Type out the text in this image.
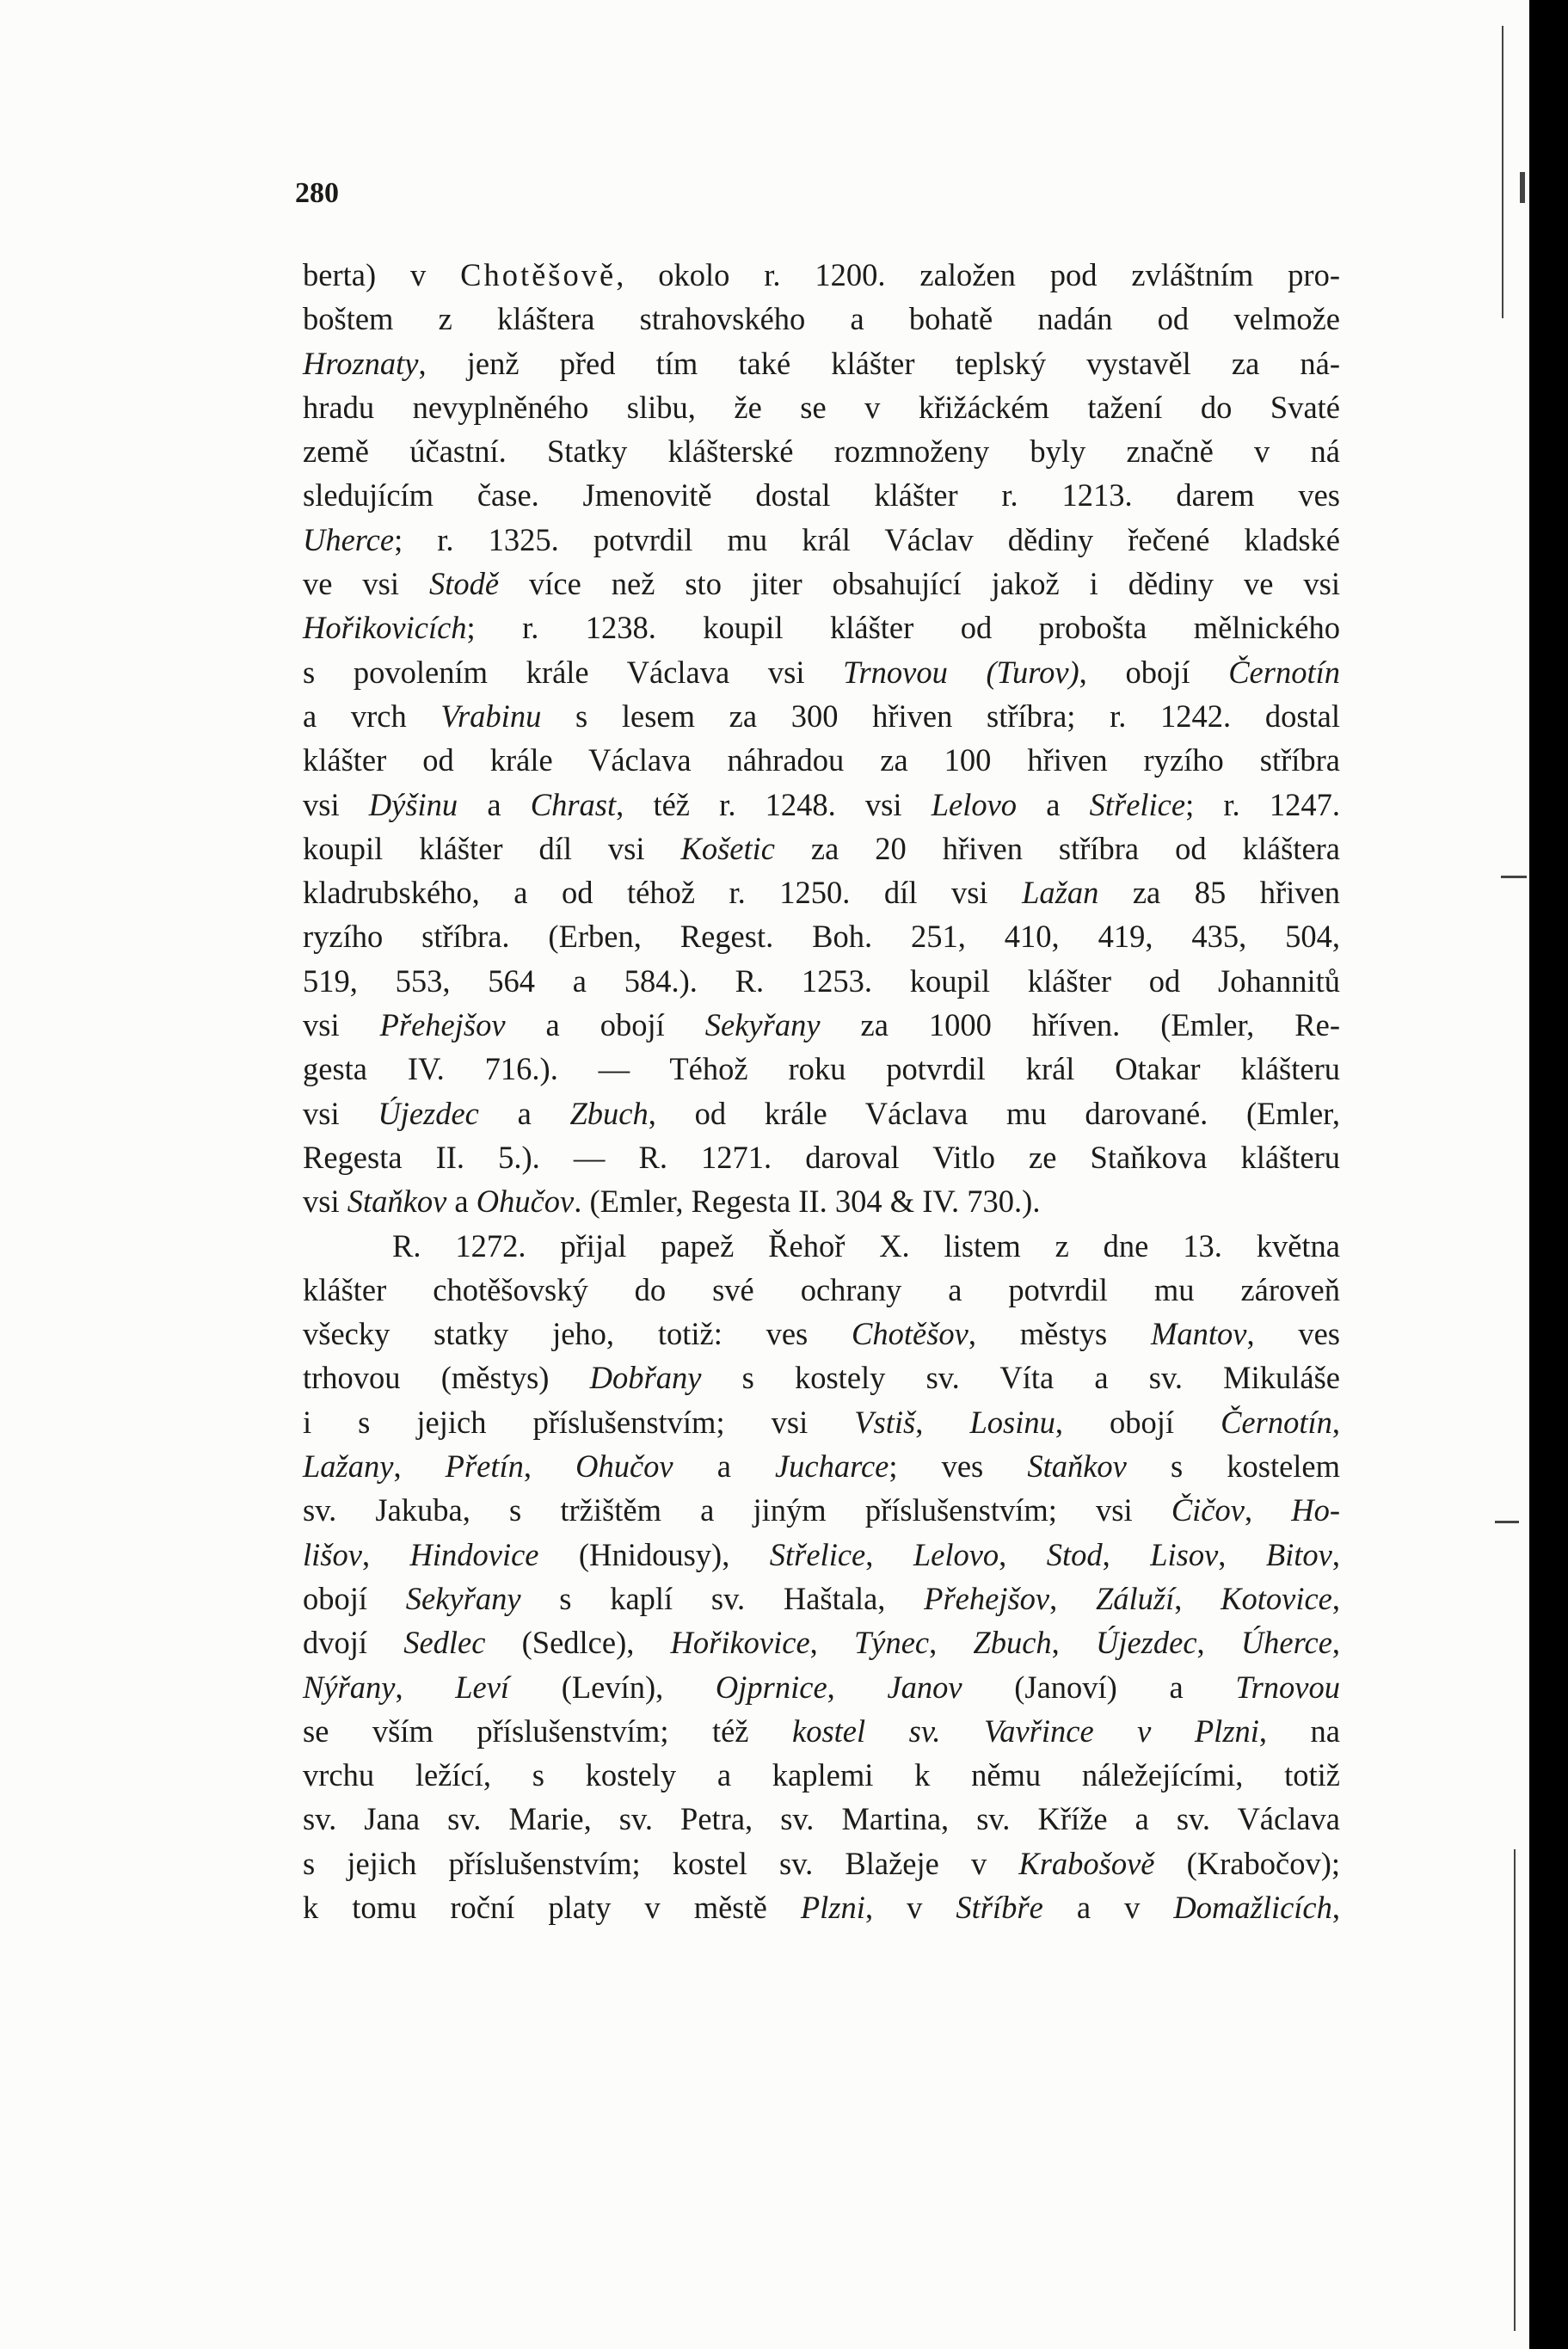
280

berta) v Chotěšově, okolo r. 1200. založen pod zvláštním pro-
boštem z kláštera strahovského a bohatě nadán od velmože
Hroznaty, jenž před tím také klášter teplský vystavěl za ná-
hradu nevyplněného slibu, že se v křižáckém tažení do Svaté
země účastní. Statky klášterské rozmnoženy byly značně v ná
sledujícím čase. Jmenovitě dostal klášter r. 1213. darem ves
Uherce; r. 1325. potvrdil mu král Václav dědiny řečené kladské
ve vsi Stodě více než sto jiter obsahující jakož i dědiny ve vsi
Hořikovicích; r. 1238. koupil klášter od probošta mělnického
s povolením krále Václava vsi Trnovou (Turov), obojí Černotín
a vrch Vrabinu s lesem za 300 hřiven stříbra; r. 1242. dostal
klášter od krále Václava náhradou za 100 hřiven ryzího stříbra
vsi Dýšinu a Chrast, též r. 1248. vsi Lelovo a Střelice; r. 1247.
koupil klášter díl vsi Košetic za 20 hřiven stříbra od kláštera
kladrubského, a od téhož r. 1250. díl vsi Lažan za 85 hřiven
ryzího stříbra. (Erben, Regest. Boh. 251, 410, 419, 435, 504,
519, 553, 564 a 584.). R. 1253. koupil klášter od Johannitů
vsi Přehejšov a obojí Sekyřany za 1000 hříven. (Emler, Re-
gesta IV. 716.). — Téhož roku potvrdil král Otakar klášteru
vsi Újezdec a Zbuch, od krále Václava mu darované. (Emler,
Regesta II. 5.). — R. 1271. daroval Vitlo ze Staňkova klášteru
vsi Staňkov a Ohučov. (Emler, Regesta II. 304 & IV. 730.).
R. 1272. přijal papež Řehoř X. listem z dne 13. května
klášter chotěšovský do své ochrany a potvrdil mu zároveň
všecky statky jeho, totiž: ves Chotěšov, městys Mantov, ves
trhovou (městys) Dobřany s kostely sv. Víta a sv. Mikuláše
i s jejich příslušenstvím; vsi Vstiš, Losinu, obojí Černotín,
Lažany, Přetín, Ohučov a Jucharce; ves Staňkov s kostelem
sv. Jakuba, s tržištěm a jiným příslušenstvím; vsi Čičov, Ho-
lišov, Hindovice (Hnidousy), Střelice, Lelovo, Stod, Lisov, Bitov,
obojí Sekyřany s kaplí sv. Haštala, Přehejšov, Záluží, Kotovice,
dvojí Sedlec (Sedlce), Hořikovice, Týnec, Zbuch, Újezdec, Úherce,
Nýřany, Leví (Levín), Ojprnice, Janov (Janoví) a Trnovou
se vším příslušenstvím; též kostel sv. Vavřince v Plzni, na
vrchu ležící, s kostely a kaplemi k němu náležejícími, totiž
sv. Jana sv. Marie, sv. Petra, sv. Martina, sv. Kříže a sv. Václava
s jejich příslušenstvím; kostel sv. Blažeje v Krabošově (Krabočov);
k tomu roční platy v městě Plzni, v Stříbře a v Domažlicích,
